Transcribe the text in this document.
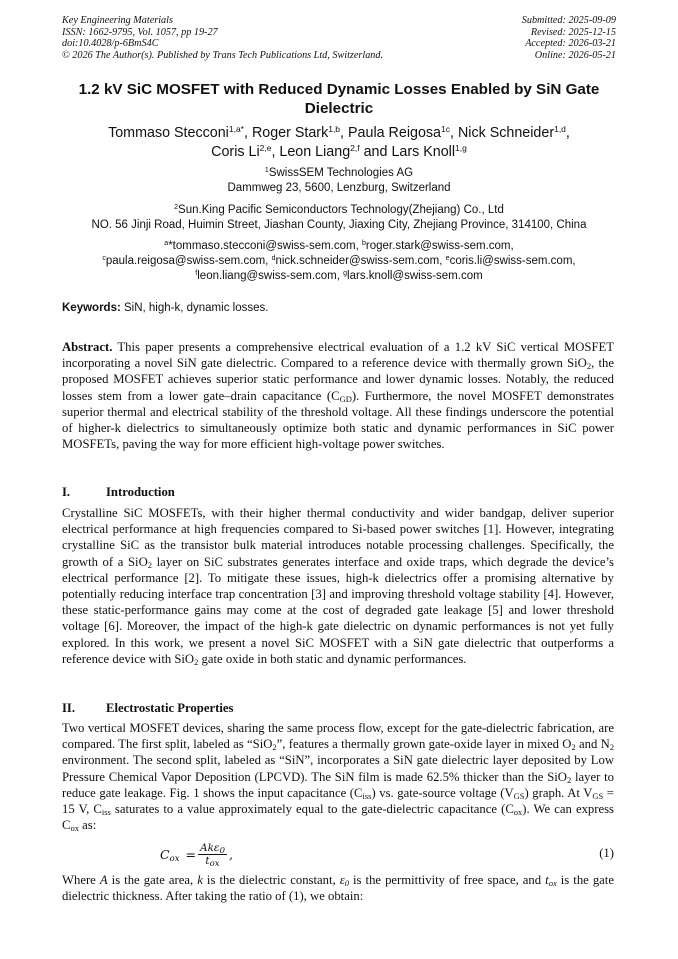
Key Engineering Materials
ISSN: 1662-9795, Vol. 1057, pp 19-27
doi:10.4028/p-6BmS4C
© 2026 The Author(s). Published by Trans Tech Publications Ltd, Switzerland.
Submitted: 2025-09-09
Revised: 2025-12-15
Accepted: 2026-03-21
Online: 2026-05-21
1.2 kV SiC MOSFET with Reduced Dynamic Losses Enabled by SiN Gate Dielectric
Tommaso Stecconi$^{1,a*}$, Roger Stark$^{1,b}$, Paula Reigosa$^{1c}$, Nick Schneider$^{1,d}$,
Coris Li$^{2,e}$, Leon Liang$^{2,f}$ and Lars Knoll$^{1,g}$
$^1$SwissSEM Technologies AG
Dammweg 23, 5600, Lenzburg, Switzerland
$^2$Sun.King Pacific Semiconductors Technology(Zhejiang) Co., Ltd
NO. 56 Jinji Road, Huimin Street, Jiashan County, Jiaxing City, Zhejiang Province, 314100, China
$^a$*tommaso.stecconi@swiss-sem.com, $^b$roger.stark@swiss-sem.com,
$^c$paula.reigosa@swiss-sem.com, $^d$nick.schneider@swiss-sem.com, $^e$coris.li@swiss-sem.com,
$^f$leon.liang@swiss-sem.com, $^g$lars.knoll@swiss-sem.com
Keywords: SiN, high-k, dynamic losses.
Abstract. This paper presents a comprehensive electrical evaluation of a 1.2 kV SiC vertical MOSFET incorporating a novel SiN gate dielectric. Compared to a reference device with thermally grown SiO$_2$, the proposed MOSFET achieves superior static performance and lower dynamic losses. Notably, the reduced losses stem from a lower gate–drain capacitance $(C_{GD})$. Furthermore, the novel MOSFET demonstrates superior thermal and electrical stability of the threshold voltage. All these findings underscore the potential of higher-k dielectrics to simultaneously optimize both static and dynamic performances in SiC power MOSFETs, paving the way for more efficient high-voltage power switches.
I.	Introduction
Crystalline SiC MOSFETs, with their higher thermal conductivity and wider bandgap, deliver superior electrical performance at high frequencies compared to Si-based power switches [1]. However, integrating crystalline SiC as the transistor bulk material introduces notable processing challenges. Specifically, the growth of a SiO$_2$ layer on SiC substrates generates interface and oxide traps, which degrade the device’s electrical performance [2]. To mitigate these issues, high-k dielectrics offer a promising alternative by potentially reducing interface trap concentration [3] and improving threshold voltage stability [4]. However, these static-performance gains may come at the cost of degraded gate leakage [5] and lower threshold voltage [6]. Moreover, the impact of the high-k gate dielectric on dynamic performances is not yet fully explored. In this work, we present a novel SiC MOSFET with a SiN gate dielectric that outperforms a reference device with SiO$_2$ gate oxide in both static and dynamic performances.
II. Electrostatic Properties
Two vertical MOSFET devices, sharing the same process flow, except for the gate-dielectric fabrication, are compared. The first split, labeled as “SiO$_2$”, features a thermally grown gate-oxide layer in mixed $O_2$ and $N_2$ environment. The second split, labeled as “SiN”, incorporates a SiN gate dielectric layer deposited by Low Pressure Chemical Vapor Deposition (LPCVD). The SiN film is made 62.5% thicker than the SiO$_2$ layer to reduce gate leakage. Fig. 1 shows the input capacitance $(C_{iss})$ vs. gate-source voltage $(V_{GS})$ graph. At $V_{GS} = 15$ V, $C_{iss}$ saturates to a value approximately equal to the gate-dielectric capacitance $(C_{ox})$. We can express $C_{ox}$ as:
$C_{ox} = \frac{Ak\varepsilon_0}{t_{ox}}$ ,	(1)
Where A is the gate area, k is the dielectric constant, $\varepsilon_0$ is the permittivity of free space, and $t_{ox}$ is the gate dielectric thickness. After taking the ratio of (1), we obtain:
